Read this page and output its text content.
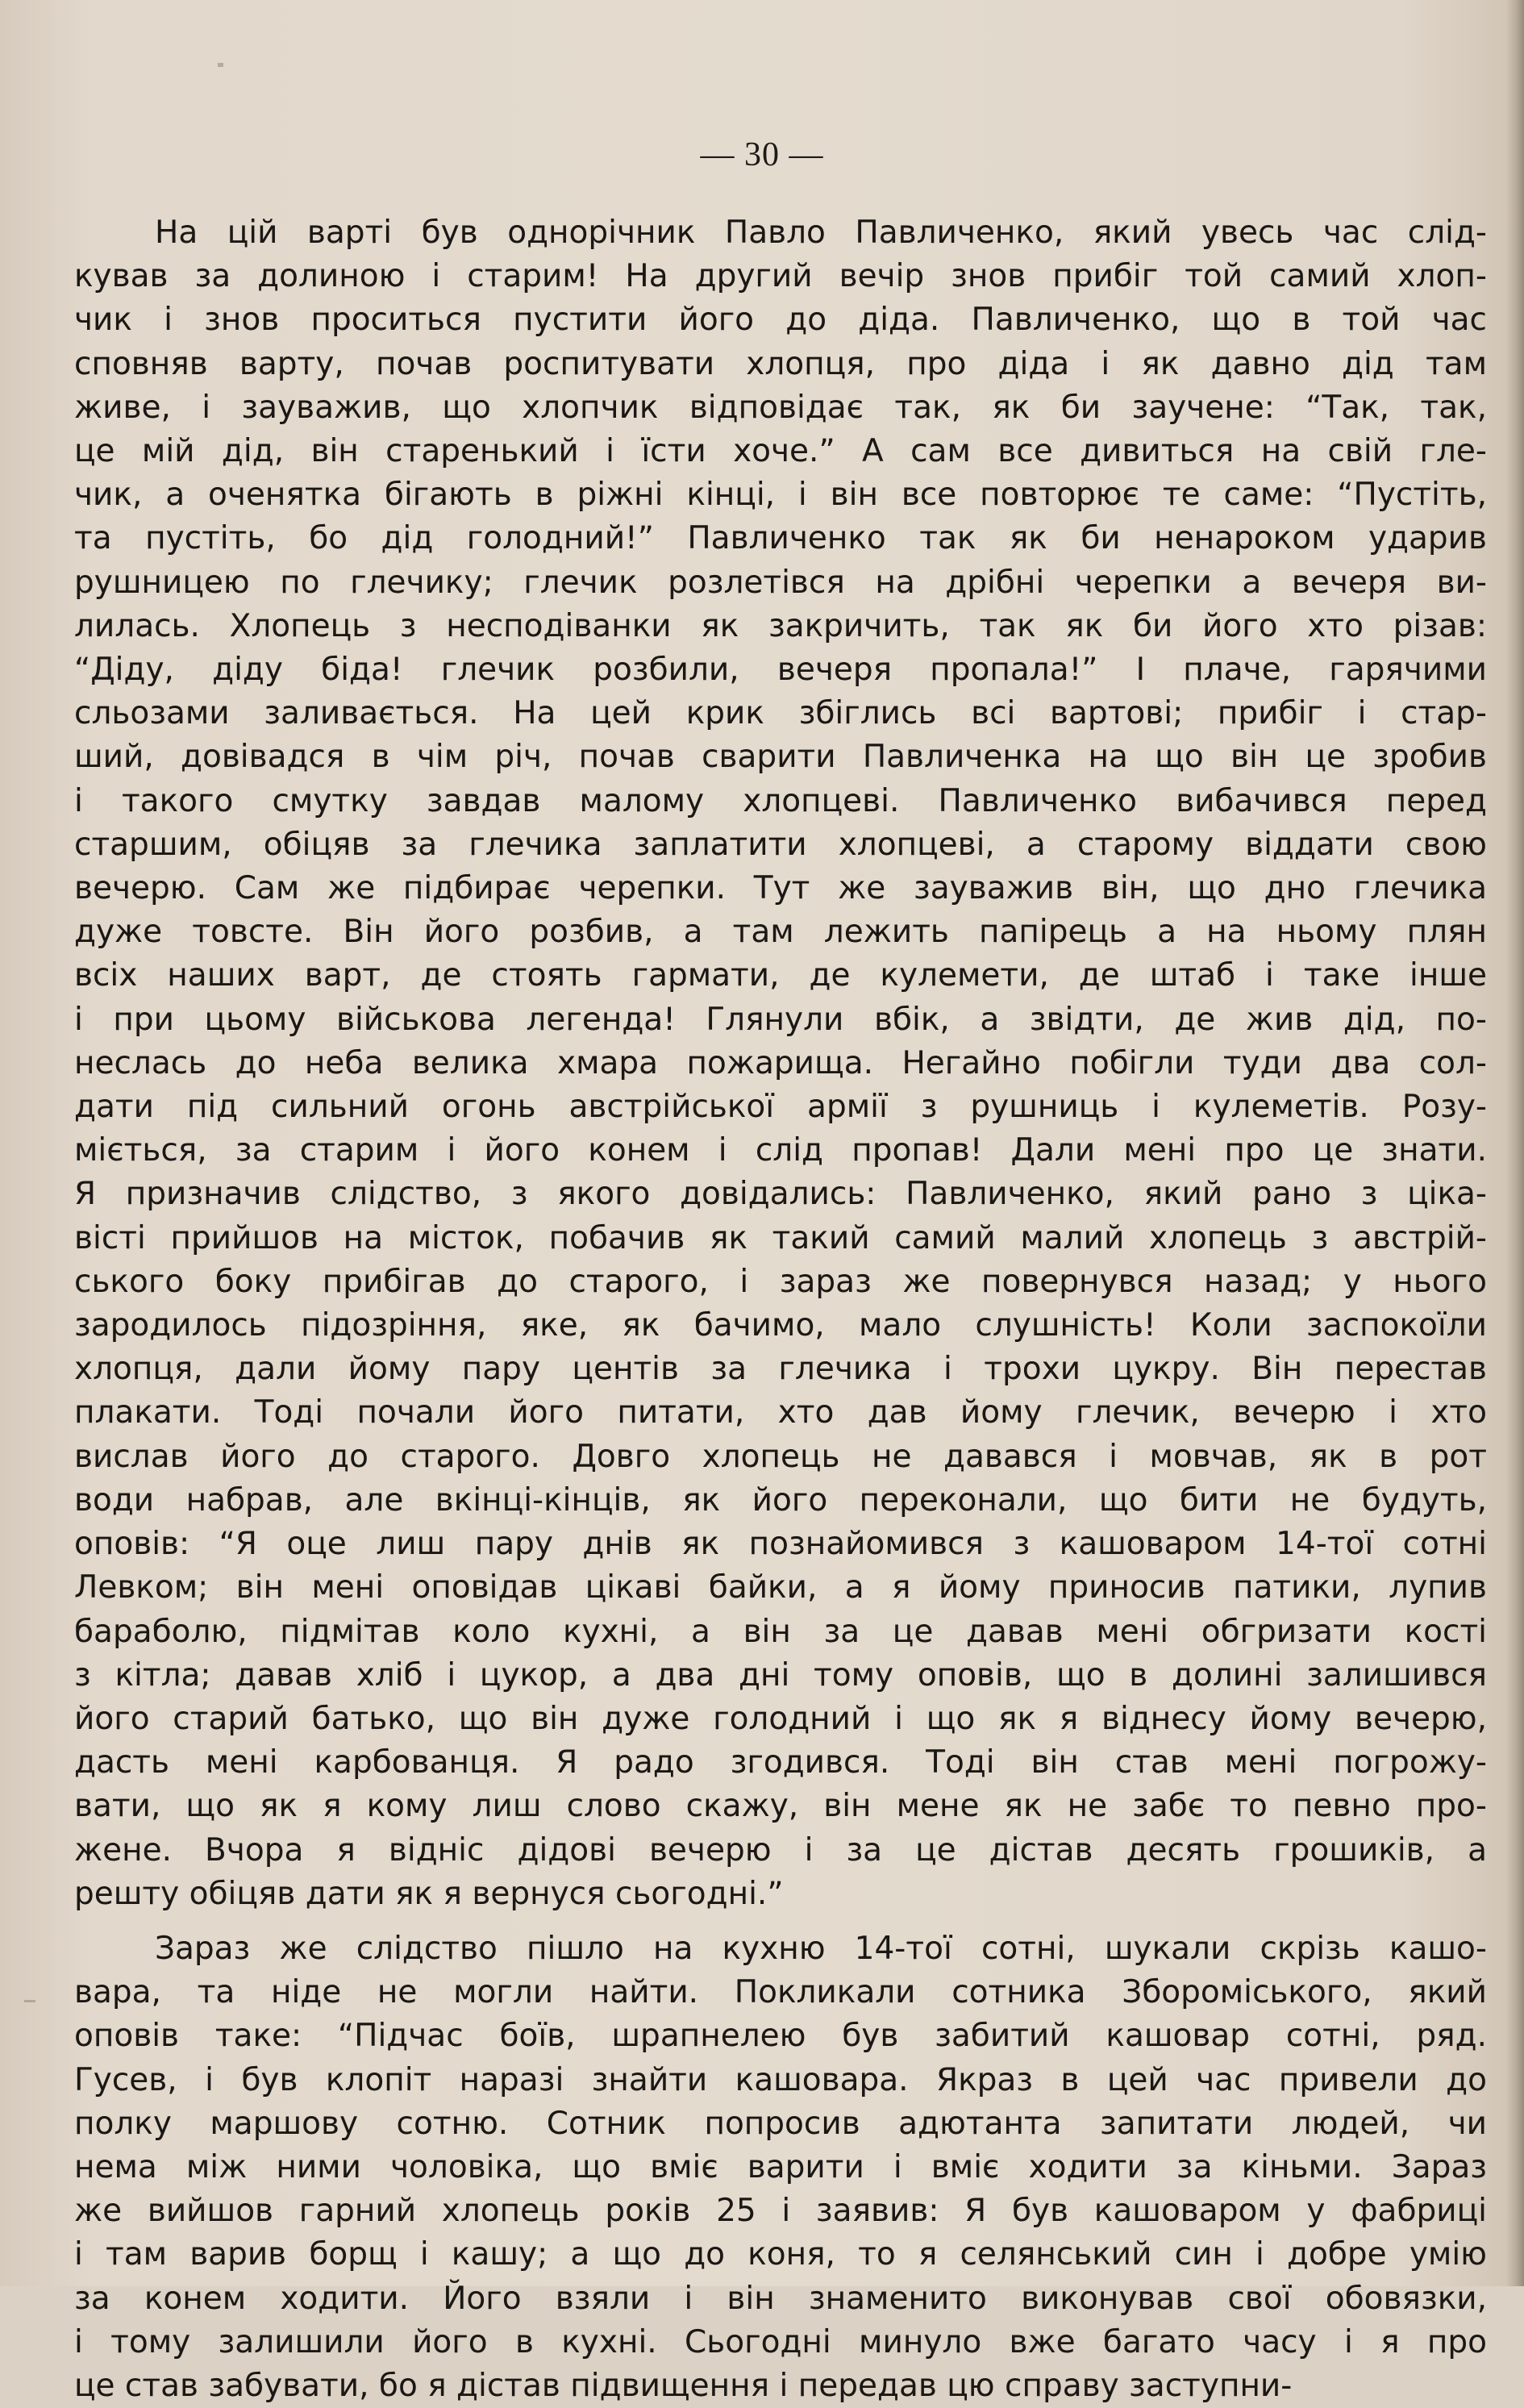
— 30 —

На цій варті був однорічник Павло Павличенко, який увесь час слід-
кував за долиною і старим! На другий вечір знов прибіг той самий хлоп-
чик і знов проситься пустити його до діда. Павличенко, що в той час
сповняв варту, почав роспитувати хлопця, про діда і як давно дід там
живе, і зауважив, що хлопчик відповідає так, як би заучене: “Так, так,
це мій дід, він старенький і їсти хоче.” А сам все дивиться на свій гле-
чик, а оченятка бігають в ріжні кінці, і він все повторює те саме: “Пустіть,
та пустіть, бо дід голодний!” Павличенко так як би ненароком ударив
рушницею по глечику; глечик розлетівся на дрібні черепки а вечеря ви-
лилась. Хлопець з несподіванки як закричить, так як би його хто різав:
“Діду, діду біда! глечик розбили, вечеря пропала!” І плаче, гарячими
сльозами заливається. На цей крик збіглись всі вартові; прибіг і стар-
ший, довівадся в чім річ, почав сварити Павличенка на що він це зробив
і такого смутку завдав малому хлопцеві. Павличенко вибачився перед
старшим, обіцяв за глечика заплатити хлопцеві, а старому віддати свою
вечерю. Сам же підбирає черепки. Тут же зауважив він, що дно глечика
дуже товсте. Він його розбив, а там лежить папірець а на ньому плян
всіх наших варт, де стоять гармати, де кулемети, де штаб і таке інше
і при цьому військова легенда! Глянули вбік, а звідти, де жив дід, по-
неслась до неба велика хмара пожарища. Негайно побігли туди два сол-
дати під сильний огонь австрійської армії з рушниць і кулеметів. Розу-
міється, за старим і його конем і слід пропав! Дали мені про це знати.
Я призначив слідство, з якого довідались: Павличенко, який рано з ціка-
вісті прийшов на місток, побачив як такий самий малий хлопець з австрій-
ського боку прибігав до старого, і зараз же повернувся назад; у нього
зародилось підозріння, яке, як бачимо, мало слушність! Коли заспокоїли
хлопця, дали йому пару центів за глечика і трохи цукру. Він перестав
плакати. Тоді почали його питати, хто дав йому глечик, вечерю і хто
вислав його до старого. Довго хлопець не давався і мовчав, як в рот
води набрав, але вкінці-кінців, як його переконали, що бити не будуть,
оповів: “Я оце лиш пару днів як познайомився з кашоваром 14-тої сотні
Левком; він мені оповідав цікаві байки, а я йому приносив патики, лупив
бараболю, підмітав коло кухні, а він за це давав мені обгризати кості
з кітла; давав хліб і цукор, а два дні тому оповів, що в долині залишився
його старий батько, що він дуже голодний і що як я віднесу йому вечерю,
дасть мені карбованця. Я радо згодився. Тоді він став мені погрожу-
вати, що як я кому лиш слово скажу, він мене як не забє то певно про-
жене. Вчора я відніс дідові вечерю і за це дістав десять грошиків, а
решту обіцяв дати як я вернуся сьогодні.”

Зараз же слідство пішло на кухню 14-тої сотні, шукали скрізь кашо-
вара, та ніде не могли найти. Покликали сотника Збороміського, який
оповів таке: “Підчас боїв, шрапнелею був забитий кашовар сотні, ряд.
Гусев, і був клопіт наразі знайти кашовара. Якраз в цей час привели до
полку маршову сотню. Сотник попросив адютанта запитати людей, чи
нема між ними чоловіка, що вміє варити і вміє ходити за кіньми. Зараз
же вийшов гарний хлопець років 25 і заявив: Я був кашоваром у фабриці
і там варив борщ і кашу; а що до коня, то я селянський син і добре умію
за конем ходити. Його взяли і він знаменито виконував свої обовязки,
і тому залишили його в кухні. Сьогодні минуло вже багато часу і я про
це став забувати, бо я дістав підвищення і передав цю справу заступни-
